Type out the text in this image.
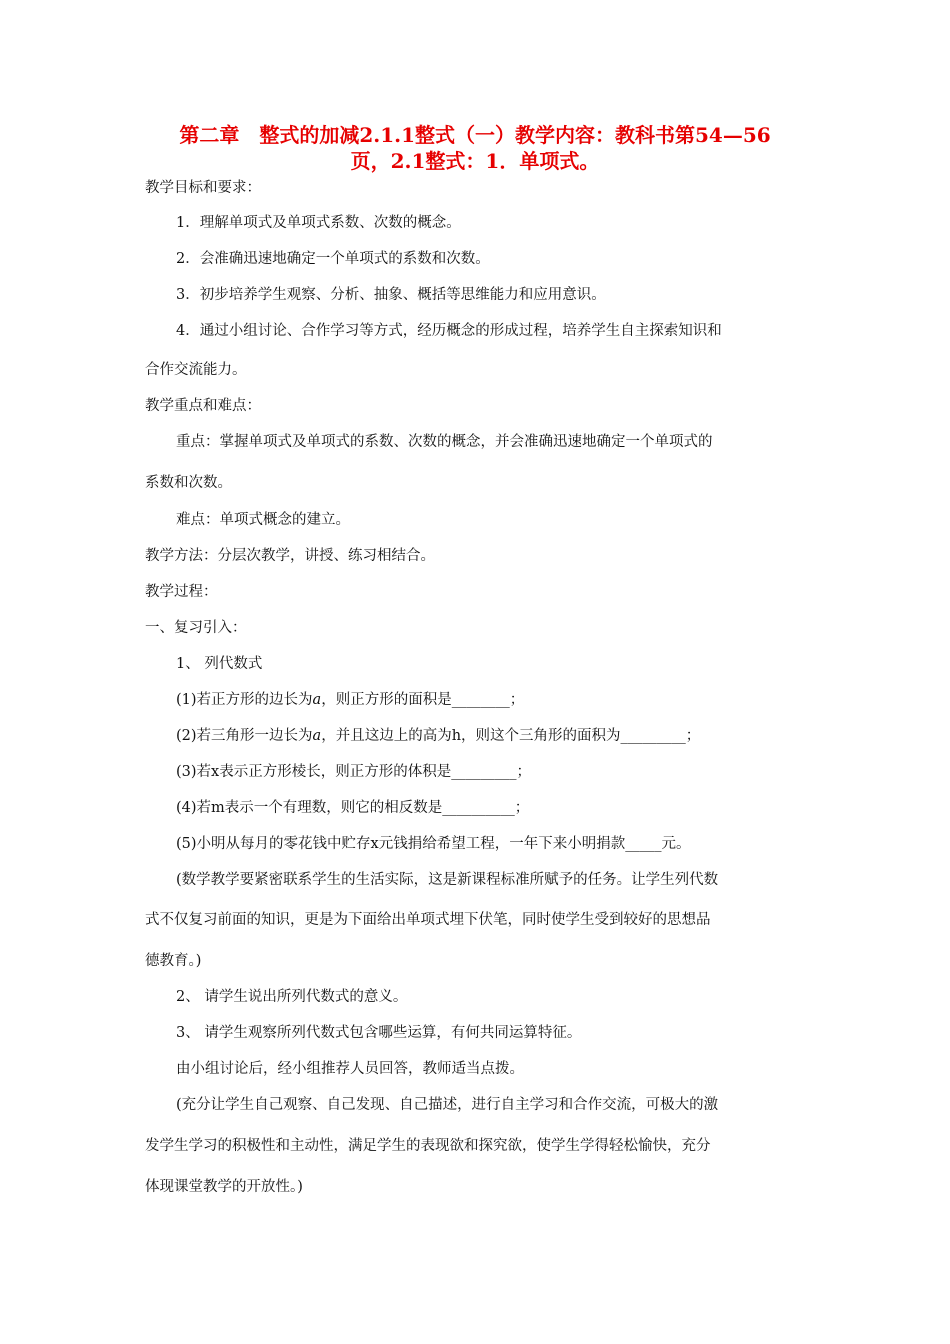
第二章　整式的加减2.1.1整式（一）教学内容：教科书第54—56
页，2.1整式：1．单项式。
教学目标和要求：
1．理解单项式及单项式系数、次数的概念。
2．会准确迅速地确定一个单项式的系数和次数。
3．初步培养学生观察、分析、抽象、概括等思维能力和应用意识。
4．通过小组讨论、合作学习等方式，经历概念的形成过程，培养学生自主探索知识和
合作交流能力。
教学重点和难点：
重点：掌握单项式及单项式的系数、次数的概念，并会准确迅速地确定一个单项式的
系数和次数。
难点：单项式概念的建立。
教学方法：分层次教学，讲授、练习相结合。
教学过程：
一、复习引入：
1、 列代数式
(1)若正方形的边长为a，则正方形的面积是________；
(2)若三角形一边长为a，并且这边上的高为h，则这个三角形的面积为_________；
(3)若x表示正方形棱长，则正方形的体积是_________；
(4)若m表示一个有理数，则它的相反数是__________；
(5)小明从每月的零花钱中贮存x元钱捐给希望工程，一年下来小明捐款_____元。
(数学教学要紧密联系学生的生活实际，这是新课程标准所赋予的任务。让学生列代数
式不仅复习前面的知识，更是为下面给出单项式埋下伏笔，同时使学生受到较好的思想品
德教育。)
2、 请学生说出所列代数式的意义。
3、 请学生观察所列代数式包含哪些运算，有何共同运算特征。
由小组讨论后，经小组推荐人员回答，教师适当点拨。
(充分让学生自己观察、自己发现、自己描述，进行自主学习和合作交流，可极大的激
发学生学习的积极性和主动性，满足学生的表现欲和探究欲，使学生学得轻松愉快，充分
体现课堂教学的开放性。)
